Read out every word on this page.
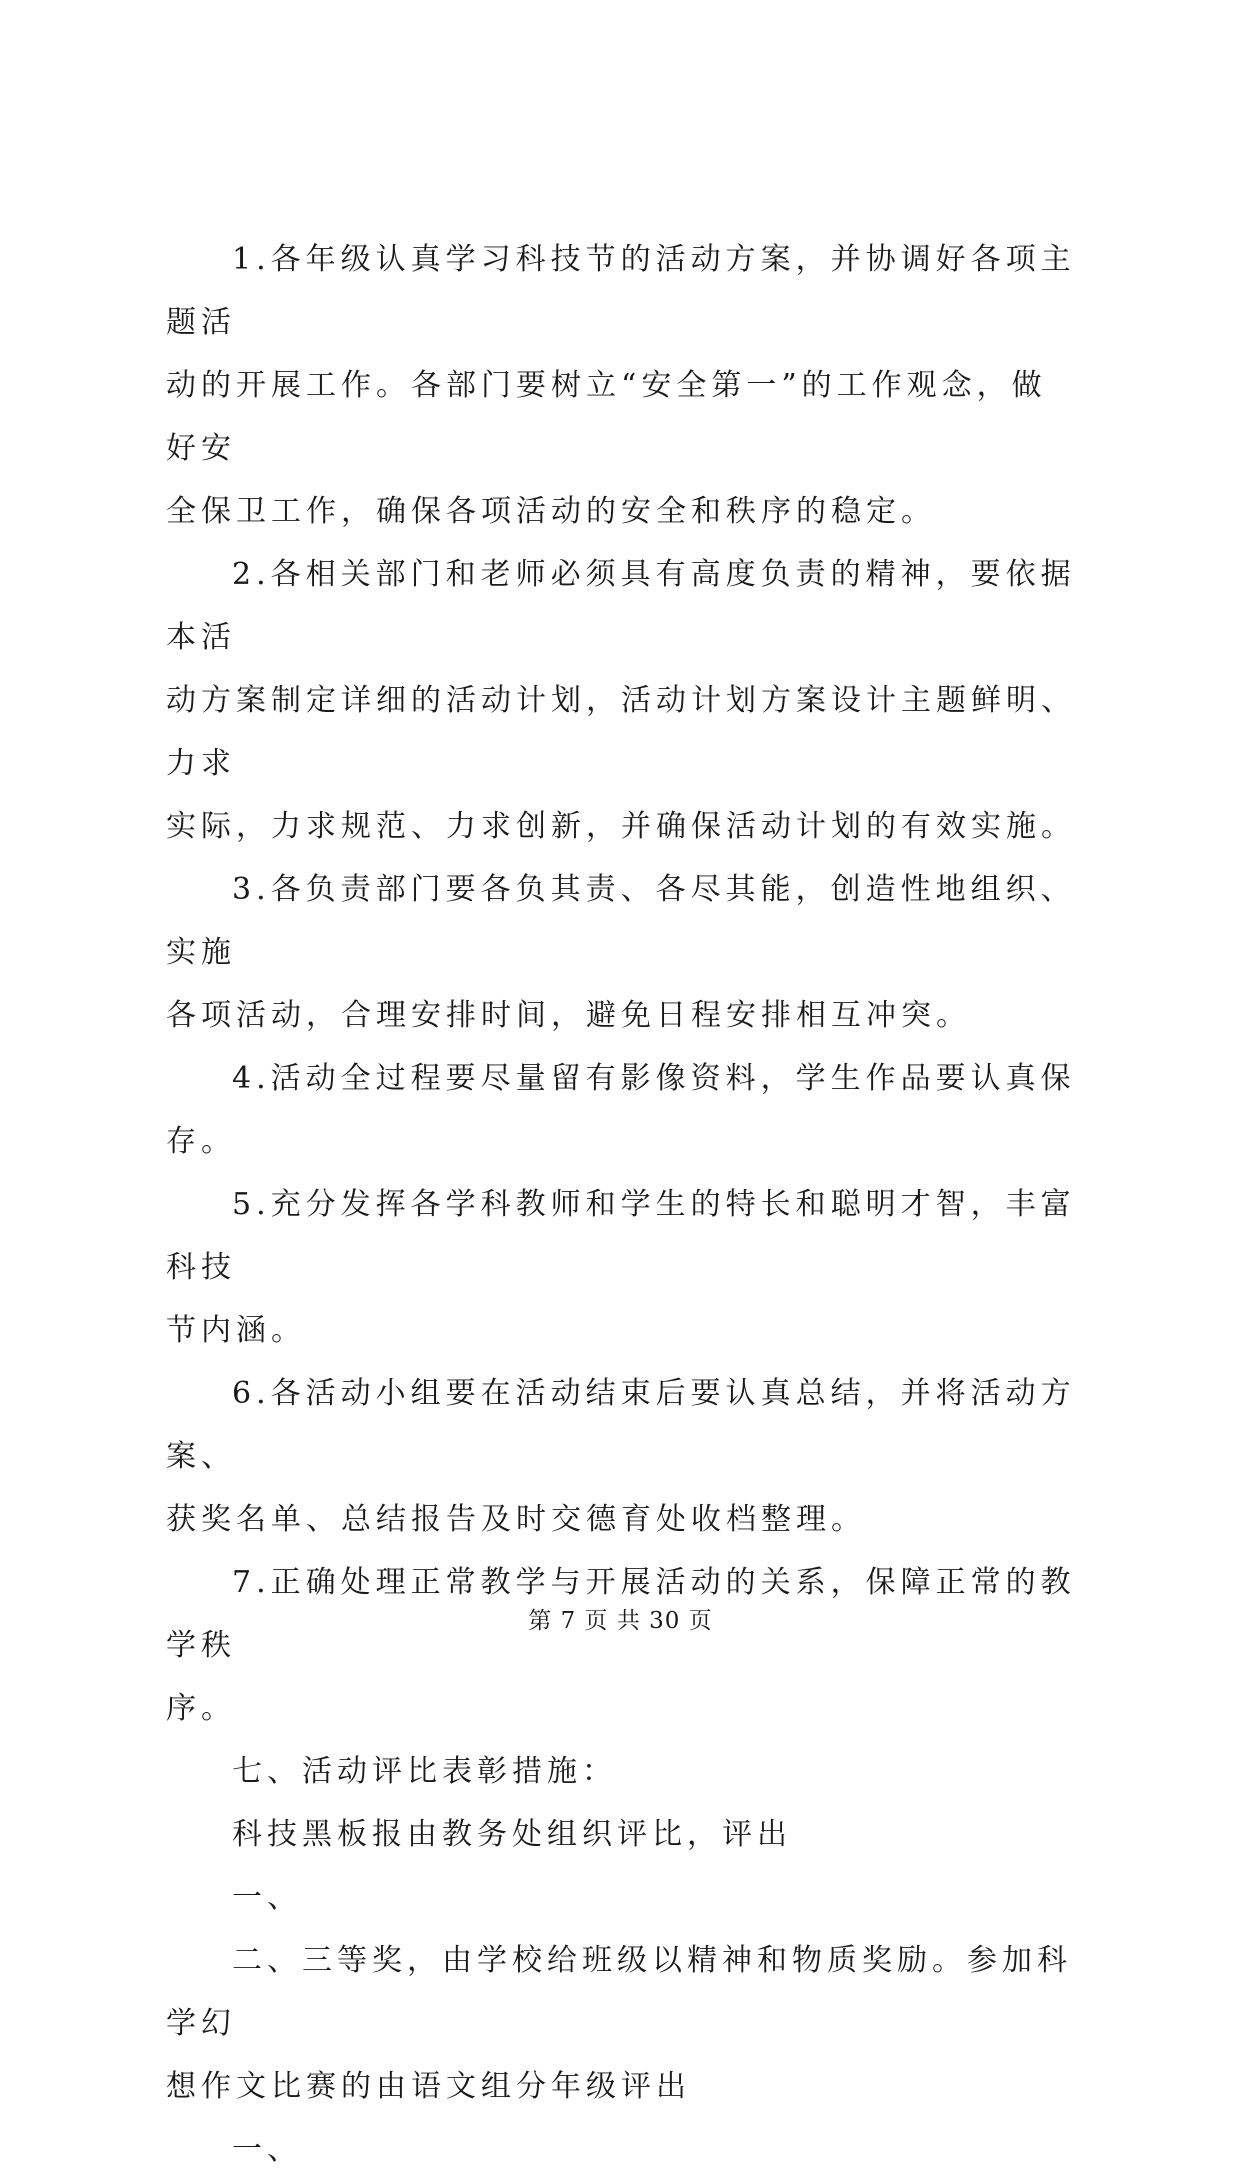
1.各年级认真学习科技节的活动方案，并协调好各项主题活
动的开展工作。各部门要树立“安全第一”的工作观念，做好安
全保卫工作，确保各项活动的安全和秩序的稳定。

2.各相关部门和老师必须具有高度负责的精神，要依据本活
动方案制定详细的活动计划，活动计划方案设计主题鲜明、力求
实际，力求规范、力求创新，并确保活动计划的有效实施。

3.各负责部门要各负其责、各尽其能，创造性地组织、实施
各项活动，合理安排时间，避免日程安排相互冲突。

4.活动全过程要尽量留有影像资料，学生作品要认真保存。

5.充分发挥各学科教师和学生的特长和聪明才智，丰富科技
节内涵。

6.各活动小组要在活动结束后要认真总结，并将活动方案、
获奖名单、总结报告及时交德育处收档整理。

7.正确处理正常教学与开展活动的关系，保障正常的教学秩
序。

七、活动评比表彰措施：

科技黑板报由教务处组织评比，评出

一、

二、三等奖，由学校给班级以精神和物质奖励。参加科学幻
想作文比赛的由语文组分年级评出

一、

第 7 页 共 30 页
